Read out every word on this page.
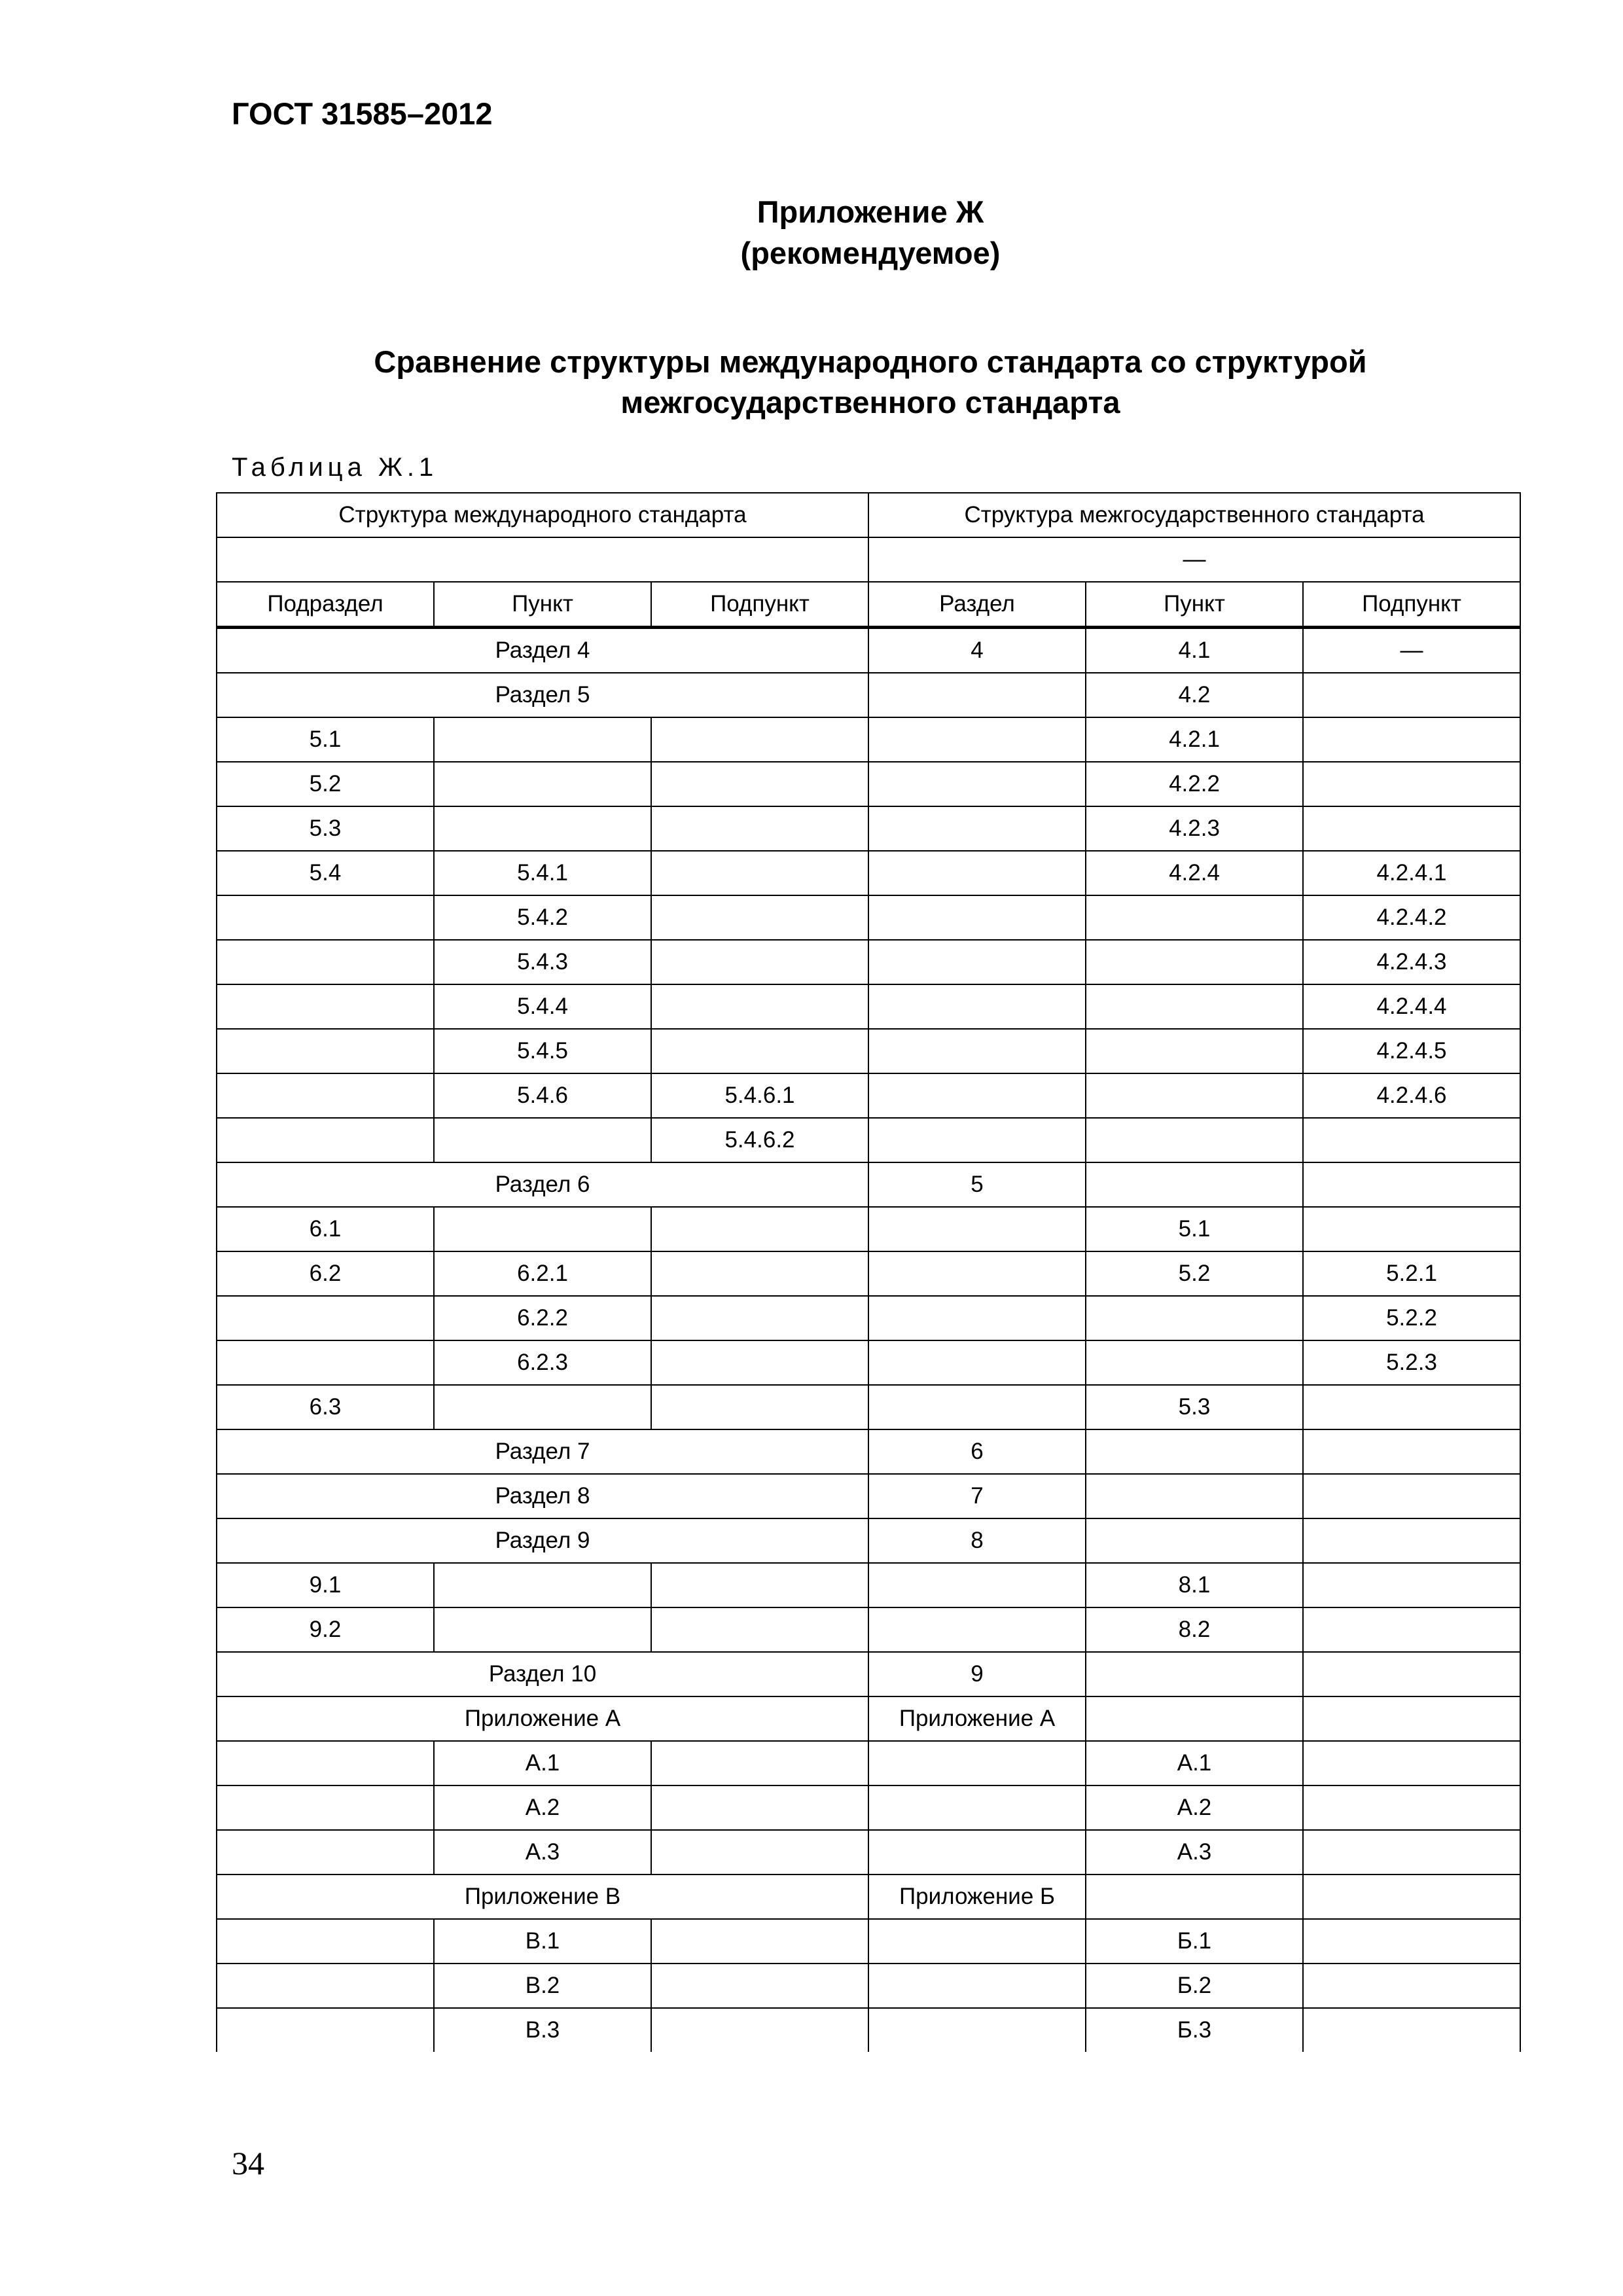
ГОСТ 31585–2012
Приложение Ж
(рекомендуемое)
Сравнение структуры международного стандарта со структурой
межгосударственного стандарта
Таблица Ж.1
Структура международного стандарта			Структура межгосударственного стандарта		
			—		
Подраздел	Пункт	Подпункт	Раздел	Пункт	Подпункт
Раздел 4			4	4.1	—
Раздел 5				4.2	
5.1				4.2.1	
5.2				4.2.2	
5.3				4.2.3	
5.4	5.4.1			4.2.4	4.2.4.1
	5.4.2				4.2.4.2
	5.4.3				4.2.4.3
	5.4.4				4.2.4.4
	5.4.5				4.2.4.5
	5.4.6	5.4.6.1			4.2.4.6
		5.4.6.2			
Раздел 6			5		
6.1				5.1	
6.2	6.2.1			5.2	5.2.1
	6.2.2				5.2.2
	6.2.3				5.2.3
6.3				5.3	
Раздел 7			6		
Раздел 8			7		
Раздел 9			8		
9.1				8.1	
9.2				8.2	
Раздел 10			9		
Приложение А			Приложение А		
	А.1			А.1	
	А.2			А.2	
	А.3			А.3	
Приложение В			Приложение Б		
	В.1			Б.1	
	В.2			Б.2	
	В.3			Б.3	
34
